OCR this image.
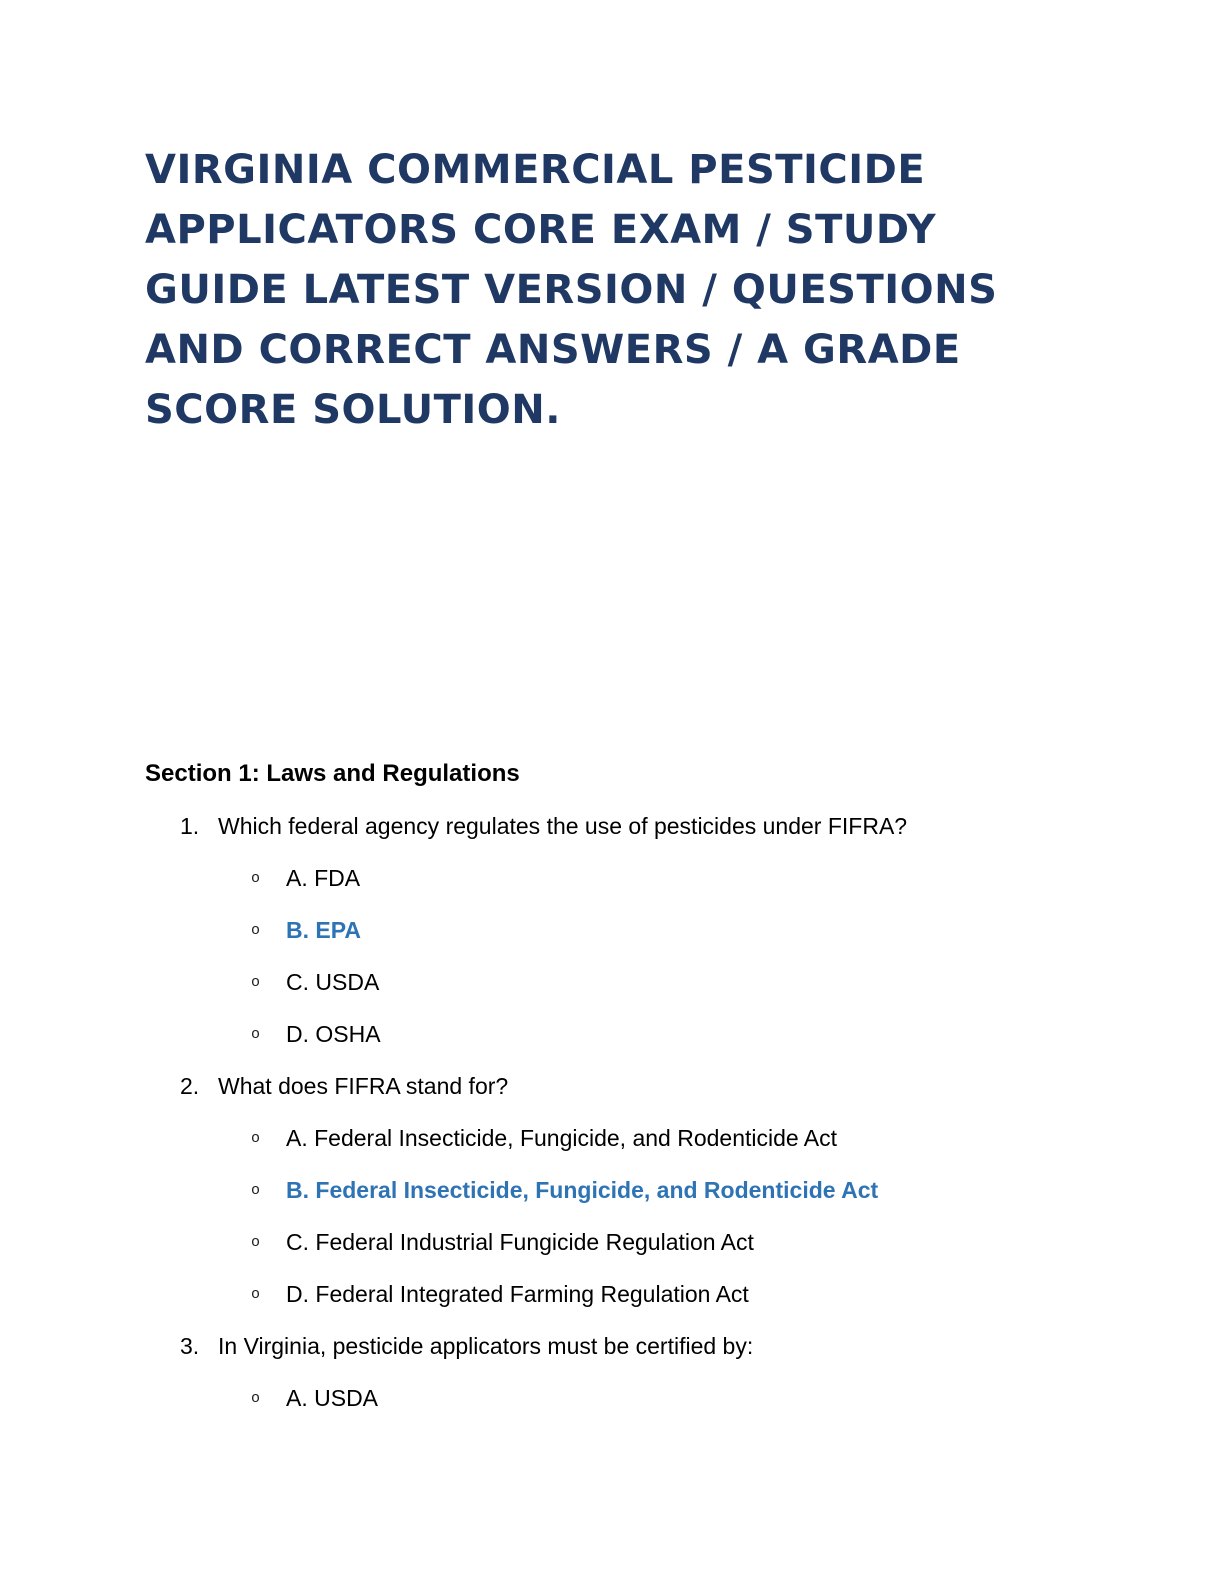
VIRGINIA COMMERCIAL PESTICIDE APPLICATORS CORE EXAM / STUDY GUIDE LATEST VERSION / QUESTIONS AND CORRECT ANSWERS / A GRADE SCORE SOLUTION.
Section 1: Laws and Regulations
1. Which federal agency regulates the use of pesticides under FIFRA?
o	A. FDA
o	B. EPA
o	C. USDA
o	D. OSHA
2. What does FIFRA stand for?
o	A. Federal Insecticide, Fungicide, and Rodenticide Act
o	B. Federal Insecticide, Fungicide, and Rodenticide Act
o	C. Federal Industrial Fungicide Regulation Act
o	D. Federal Integrated Farming Regulation Act
3. In Virginia, pesticide applicators must be certified by:
o	A. USDA
